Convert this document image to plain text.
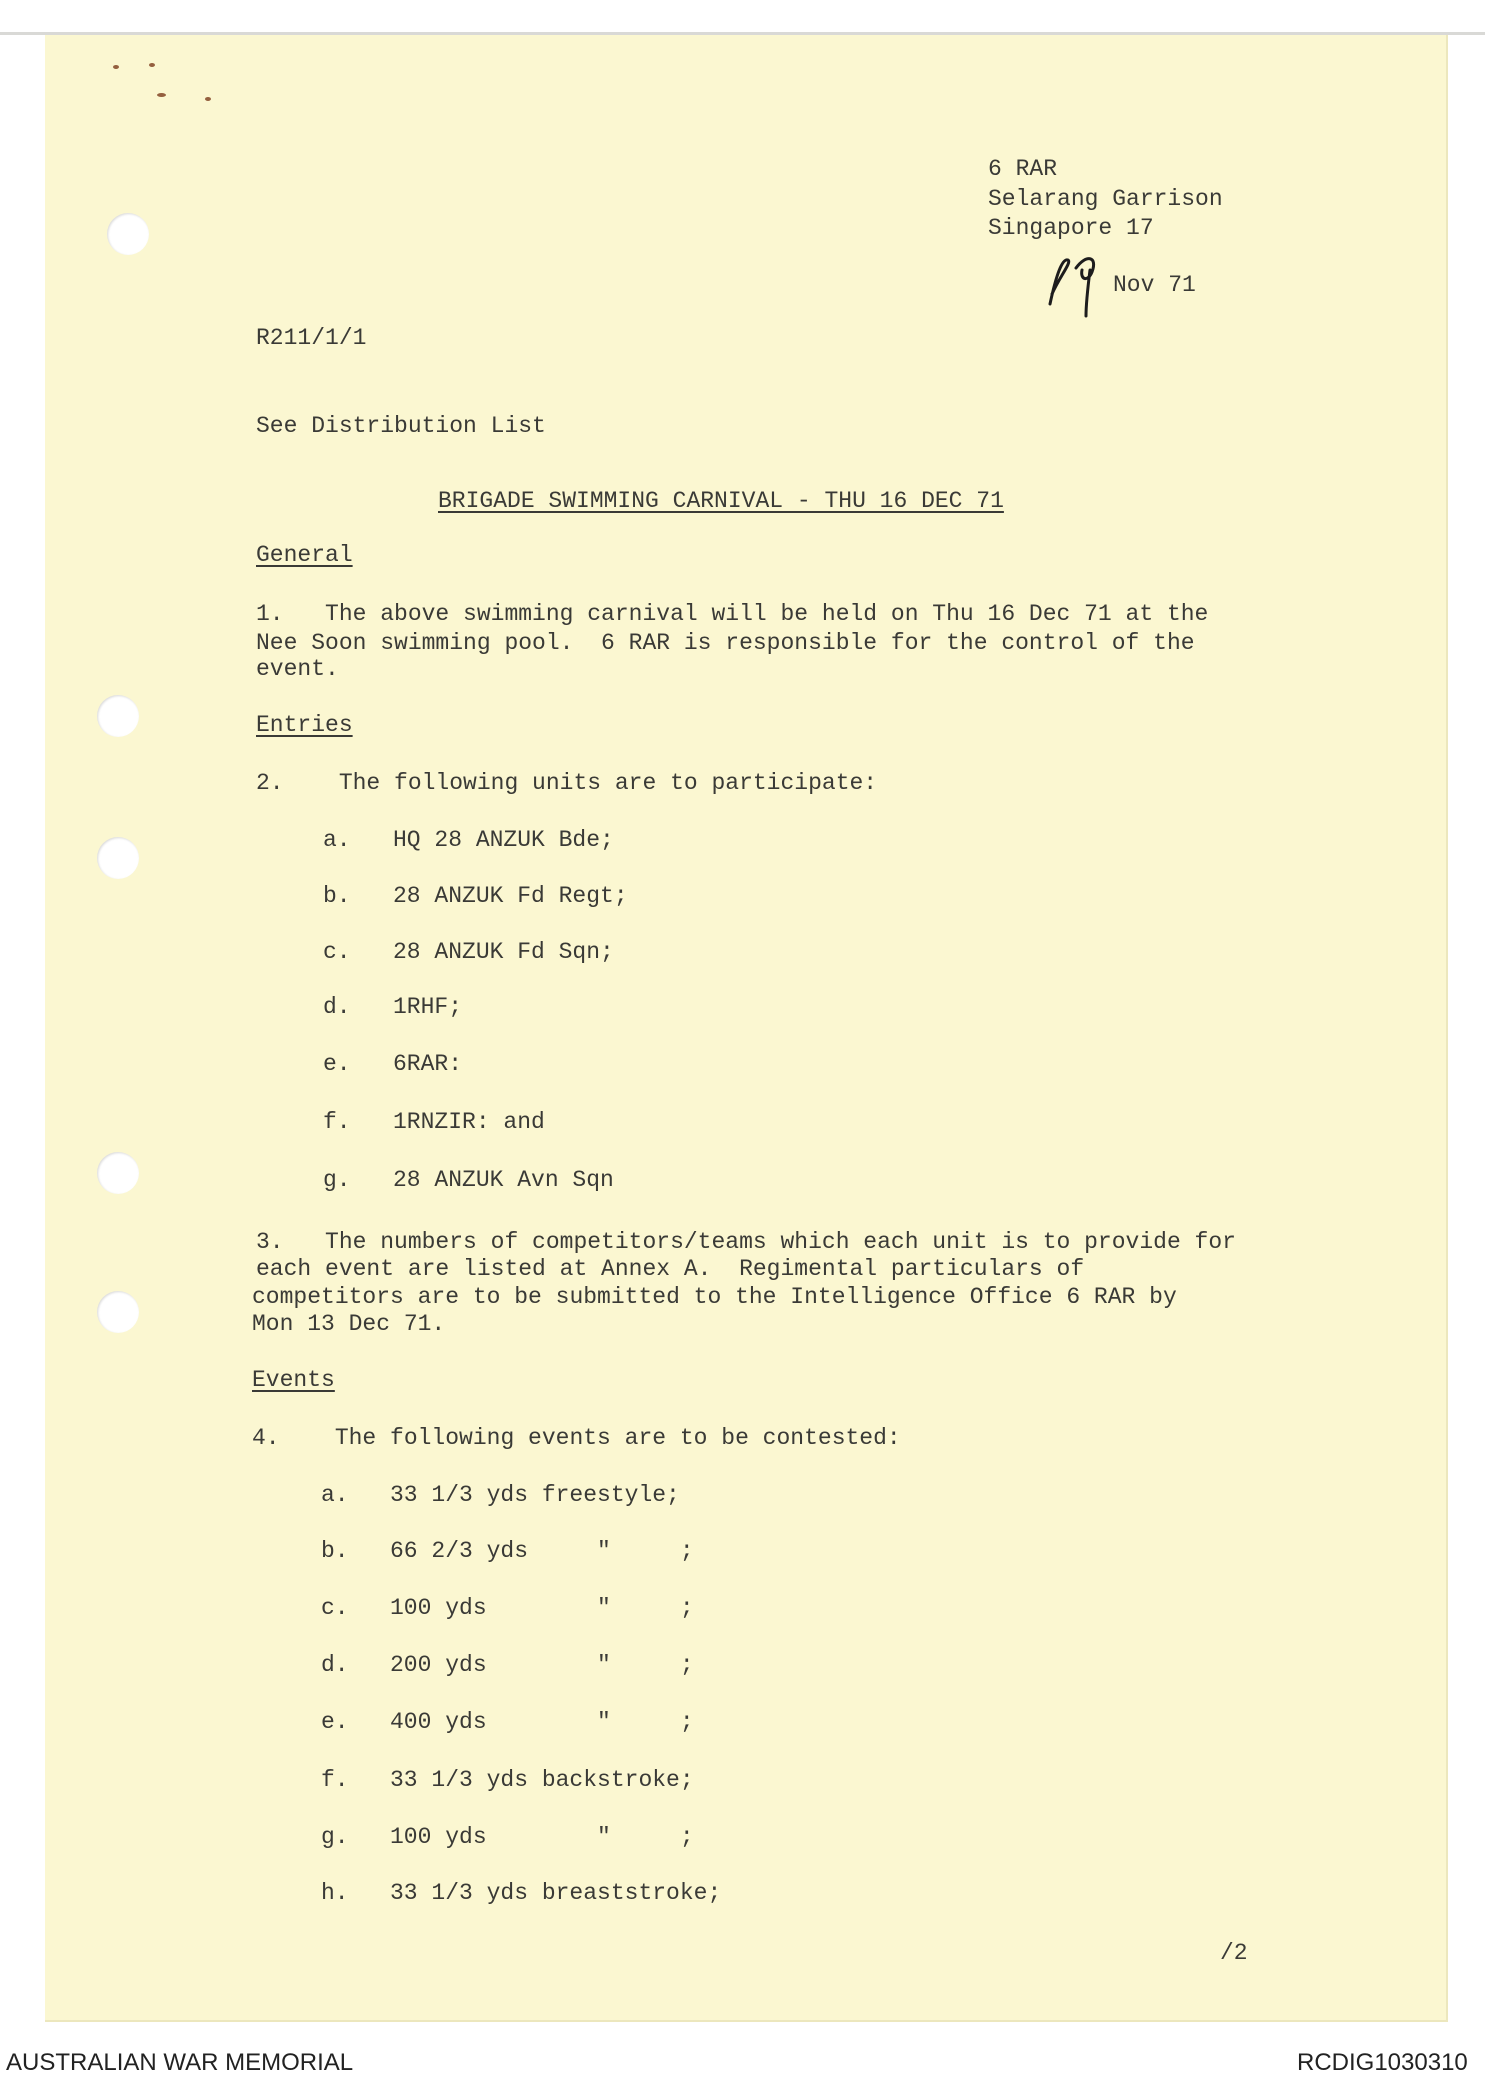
6 RAR
Selarang Garrison
Singapore 17
Nov 71
R211/1/1
See Distribution List
BRIGADE SWIMMING CARNIVAL - THU 16 DEC 71
General
1.   The above swimming carnival will be held on Thu 16 Dec 71 at the
Nee Soon swimming pool.  6 RAR is responsible for the control of the
event.
Entries
2.    The following units are to participate:
a. HQ 28 ANZUK Bde;
b. 28 ANZUK Fd Regt;
c. 28 ANZUK Fd Sqn;
d. 1RHF;
e. 6RAR:
f. 1RNZIR: and
g. 28 ANZUK Avn Sqn
3.   The numbers of competitors/teams which each unit is to provide for
each event are listed at Annex A.  Regimental particulars of
competitors are to be submitted to the Intelligence Office 6 RAR by
Mon 13 Dec 71.
Events
4.    The following events are to be contested:
a. 33 1/3 yds freestyle;
b. 66 2/3 yds     "     ;
c. 100 yds        "     ;
d. 200 yds        "     ;
e. 400 yds        "     ;
f. 33 1/3 yds backstroke;
g. 100 yds        "     ;
h. 33 1/3 yds breaststroke;
/2
AUSTRALIAN WAR MEMORIAL	RCDIG1030310
